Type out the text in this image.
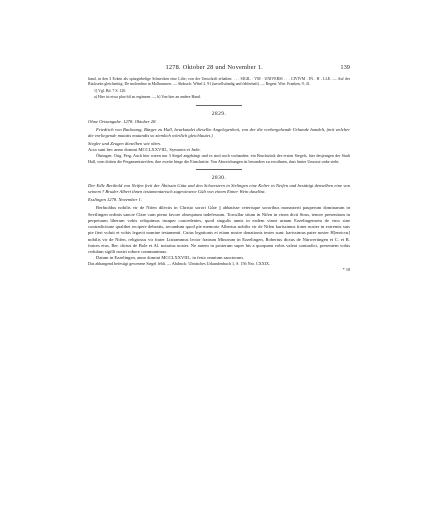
1278. Oktober 28 und November 1.	139
hand, in den 3 Ecken als spitzgiebelige Schnecken eine Lilie; von der Umschrift erhalten: . . . SIGIL · VM · UNIVERSI . . . CIVIVM . IN . H . LLE. — Auf der Rückseite gleichzeitig: De molendino in Molbrunnen. — Abdruck: Wibel 2, 91 (unvollständig und fehlerhaft). — Regest: Wirt. Franken, 9, 41.
1) Vgl. Bd. 7 S. 120.
a) Hier ist etwa plus-bil zu ergänzen. — b) Von hier an andere Hand.
2829.
Ohne Ortsangabe. 1278. Oktober 28.
Friedrich von Backnang, Bürger zu Hall, beurkundet dieselbe Angelegenheit, von der die vorhergehende Urkunde handelt, (mit welcher die vorliegende mutatis mutandis so ziemlich wörtlich gleichlautet.)
Siegler und Zeugen dieselben wie oben.
Acta sunt hec anno domini MCCLXXVIII., Symonis et Jude.
Öhringen. Orig. Perg. Auch hier waren nur 3 Siegel angehängt und es sind noch vorhanden: ein Bruchstück des ersten Siegels, hier desjenigen der Stadt Hall, vom dritten die Pergamentstreifen, ihre zweite hinge die Einschnitte. Von Abweichungen ist besonders zu erwähnen, dass hinter Umosse onbe steht.
2830.
Der Edle Berthold von Neifen freit der Äbtissin Güta und den Schwestern in Sirlingen eine Kelter in Neifen und bestätigt denselben eine von seinem † Bruder Albert ihnen testamentarisch zugewiesene Gült von einem Eimer Wein daselbst.
Esslingen 1278. November 1.
Berhtoldus nobilis vir de Nifen dilectis in Christo sorori Gůte || abbatisse ceterisque sororibus monasterii pauperum dominarum in Sevilingen ordinis sancte Clare cum pieno favore obsequium indefessum. Torcullar situm in Nifen in vinea dicti Strus, tenore presentium in perpetuum liberum vobis reliquimus insuper concedentes, quod singulis annis in eadem vinea urnam Ezzelingensem de vino sine contradictione qualibet recipere debeatis, secundum quod pie memorie Albertus nobilis vir de Nifen karissimus frater noster in extremis suis pie fieri voluit et vobis legavit nomine testamenti. Cuius legationis et etiam nostre donationis testes sunt: karissimus pater noster H[enricus] nobilis vir de Nifen, religiosus vir frater Listrammus lector fratrum Minorum in Ezzelingen, Robertus dictus de Nürwertingen et C. et R. fratres eius, Ber. dictus de Bole et Al. notarius noster. Ne autem in posterum super his a quoquam vobis valeat contradici, presentem vobis cedulam sigilli nostri robore communimus.
Datum in Ezzelingen, anno domini MCCLXXVIII., in festo omnium sanctorum.
Das abhangend befestigt gewesene Siegel fehlt. — Abdruck: Ulmisches Urkundenbuch 1, S. 156 Nro. CXXIX.
* 18
